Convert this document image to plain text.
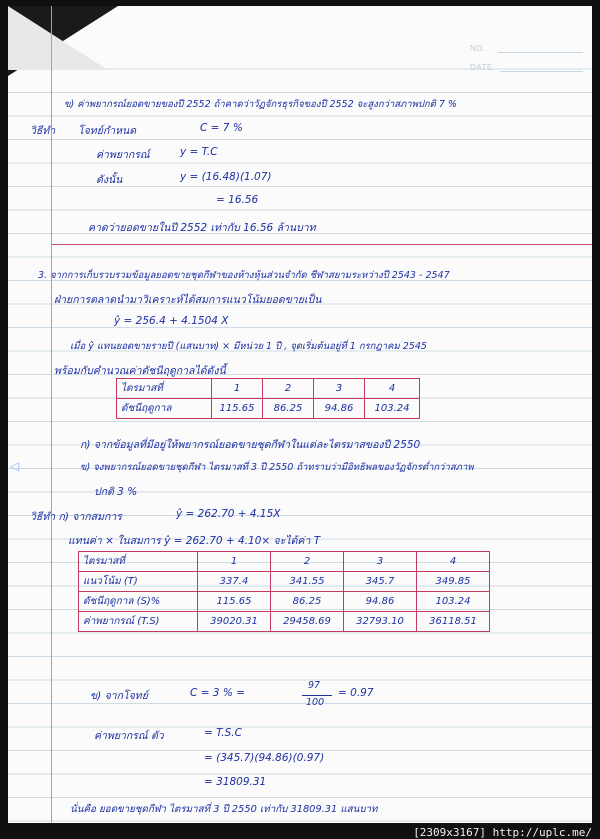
NO.
DATE
ข) ค่าพยากรณ์ยอดขายของปี 2552 ถ้าคาดว่าวัฏจักรธุรกิจของปี 2552 จะสูงกว่าสภาพปกติ 7 %
วิธีทำ โจทย์กำหนด	C = 7 %
ค่าพยากรณ์	y = T.C
ดังนั้น	y = (16.48)(1.07)
= 16.56
คาดว่ายอดขายในปี 2552 เท่ากับ 16.56 ล้านบาท
3. จากการเก็บรวบรวมข้อมูลยอดขายชุดกีฬาของห้างหุ้นส่วนจำกัด ชีฬาสยามระหว่างปี 2543 - 2547
ฝ่ายการตลาดนำมาวิเคราะห์ได้สมการแนวโน้มยอดขายเป็น
ŷ = 256.4 + 4.1504 X
เมื่อ ŷ แทนยอดขายรายปี (แสนบาท) × มีหน่วย 1 ปี , จุดเริ่มต้นอยู่ที่ 1 กรกฎาคม 2545
พร้อมกับคำนวณค่าดัชนีฤดูกาลได้ดังนี้
ไตรมาสที่	1	2	3	4
ดัชนีฤดูกาล	115.65	86.25	94.86	103.24
ก) จากข้อมูลที่มีอยู่ให้พยากรณ์ยอดขายชุดกีฬาในแต่ละไตรมาสของปี 2550
ข) จงพยากรณ์ยอดขายชุดกีฬา ไตรมาสที่ 3 ปี 2550 ถ้าทราบว่ามีอิทธิพลของวัฏจักรต่ำกว่าสภาพ
ปกติ 3 %
วิธีทำ ก) จากสมการ	ŷ = 262.70 + 4.15X
แทนค่า × ในสมการ ŷ = 262.70 + 4.10× จะได้ค่า T
ไตรมาสที่	1	2	3	4
แนวโน้ม (T)	337.4	341.55	345.7	349.85
ดัชนีฤดูกาล (S)%	115.65	86.25	94.86	103.24
ค่าพยากรณ์ (T.S)	39020.31	29458.69	32793.10	36118.51
ข) จากโจทย์	C = 3 % =
97
100
= 0.97
ค่าพยากรณ์ ตัว	= T.S.C
= (345.7)(94.86)(0.97)
= 31809.31
นั่นคือ ยอดขายชุดกีฬา ไตรมาสที่ 3 ปี 2550 เท่ากับ 31809.31 แสนบาท
◁
[2309x3167] http://uplc.me/
